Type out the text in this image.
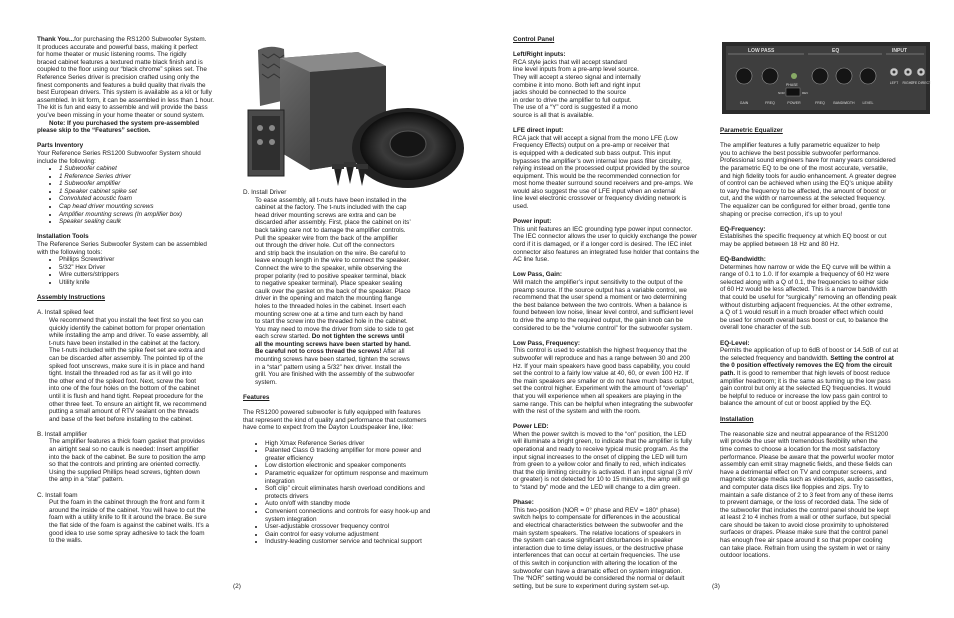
Thank You...for purchasing the RS1200 Subwoofer System.

It produces accurate and powerful bass, making it perfect

for home theater or music listening rooms. The rigidly

braced cabinet features a textured matte black finish and is

coupled to the floor using our “black chrome” spikes set. The

Reference Series driver is precision crafted using only the

finest components and features a build quality that rivals the

best European drivers. This system is available as a kit or fully

assembled. In kit form, it can be assembled in less than 1 hour.

The kit is fun and easy to assemble and will provide the bass

you’ve been missing in your home theater or sound system.

Note: If you purchased the system pre-assembled

please skip to the “Features” section.

Parts Inventory

Your Reference Series RS1200 Subwoofer System should

include the following:

• 1 Subwoofer cabinet
• 1 Reference Series driver
• 1 Subwoofer amplifier
• 1 Speaker cabinet spike set
• Convoluted acoustic foam
• Cap head driver mounting screws
• Amplifier mounting screws (In amplifier box)
• Speaker sealing caulk

Installation Tools

The Reference Series Subwoofer System can be assembled

with the following tools:

• Phillips Screwdriver
• 5/32” Hex Driver
• Wire cutters/strippers
• Utility knife

Assembly Instructions

A. Install spiked feet

We recommend that you install the feet first so you can

quickly identify the cabinet bottom for proper orientation

while installing the amp and driver. To ease assembly, all

t-nuts have been installed in the cabinet at the factory.

The t-nuts included with the spike feet set are extra and

can be discarded after assembly. The pointed tip of the

spiked foot unscrews, make sure it is in place and hand

tight. Install the threaded rod as far as it will go into

the other end of the spiked foot. Next, screw the foot

into one of the four holes on the bottom of the cabinet

until it is flush and hand tight. Repeat procedure for the

other three feet. To ensure an airtight fit, we recommend

putting a small amount of RTV sealant on the threads

and base of the feet before installing to the cabinet.

B. Install amplifier

The amplifier features a thick foam gasket that provides

an airtight seal so no caulk is needed: Insert amplifier

into the back of the cabinet. Be sure to position the amp

so that the controls and printing are oriented correctly.

Using the supplied Phillips head screws, tighten down

the amp in a “star” pattern.

C. Install foam

Put the foam in the cabinet through the front and form it

around the inside of the cabinet. You will have to cut the

foam with a utility knife to fit it around the brace. Be sure

the flat side of the foam is against the cabinet walls. It’s a

good idea to use some spray adhesive to tack the foam

to the walls.

(2)

D. Install Driver

To ease assembly, all t-nuts have been installed in the

cabinet at the factory. The t-nuts included with the cap

head driver mounting screws are extra and can be

discarded after assembly. First, place the cabinet on its’

back taking care not to damage the amplifier controls.

Pull the speaker wire from the back of the amplifier

out through the driver hole. Cut off the connectors

and strip back the insulation on the wire. Be careful to

leave enough length in the wire to connect the speaker.

Connect the wire to the speaker, while observing the

proper polarity (red to positive speaker terminal, black

to negative speaker terminal). Place speaker sealing

caulk over the gasket on the back of the speaker. Place

driver in the opening and match the mounting flange

holes to the threaded holes in the cabinet. Insert each

mounting screw one at a time and turn each by hand

to start the screw into the threaded hole in the cabinet.

You may need to move the driver from side to side to get

each screw started. Do not tighten the screws until

all the mounting screws have been started by hand.

Be careful not to cross thread the screws! After all

mounting screws have been started, tighten the screws

in a “star” pattern using a 5/32” hex driver. Install the

grill. You are finished with the assembly of the subwoofer

system.

Features

The RS1200 powered subwoofer is fully equipped with features

that represent the kind of quality and performance that customers

have come to expect from the Dayton Loudspeaker line, like:

• High Xmax Reference Series driver
• Patented Class G tracking amplifier for more power and greater efficiency
• Low distortion electronic and speaker components
• Parametric equalizer for optimum response and maximum integration
• Soft clip” circuit eliminates harsh overload conditions and protects drivers
• Auto on/off with standby mode
• Convenient connections and controls for easy hook-up and system integration
• User-adjustable crossover frequency control
• Gain control for easy volume adjustment
• Industry-leading customer service and technical support

Control Panel

Left/Right inputs:

RCA style jacks that will accept standard

line level inputs from a pre-amp level source.

They will accept a stereo signal and internally

combine it into mono. Both left and right input

jacks should be connected to the source

in order to drive the amplifier to full output.

The use of a “Y” cord is suggested if a mono

source is all that is available.

LFE direct input:

RCA jack that will accept a signal from the mono LFE (Low

Frequency Effects) output on a pre-amp or receiver that

is equipped with a dedicated sub bass output. This input

bypasses the amplifier’s own internal low pass filter circuitry,

relying instead on the processed output provided by the source

equipment. This would be the recommended connection for

most home theater surround sound receivers and pre-amps. We

would also suggest the use of LFE input when an external

line level electronic crossover or frequency dividing network is

used.

Power input:

This unit features an IEC grounding type power input connector.

The IEC connector allows the user to quickly exchange the power

cord if it is damaged, or if a longer cord is desired. The IEC inlet

connector also features an integrated fuse holder that contains the

AC line fuse.

Low Pass, Gain:

Will match the amplifier’s input sensitivity to the output of the

preamp source. If the source output has a variable control, we

recommend that the user spend a moment or two determining

the best balance between the two controls. When a balance is

found between low noise, linear level control, and sufficient level

to drive the amp to the required output, the gain knob can be

considered to be the “volume control” for the subwoofer system.

Low Pass, Frequency:

This control is used to establish the highest frequency that the

subwoofer will reproduce and has a range between 30 and 200

Hz. If your main speakers have good bass capability, you could

set the control to a fairly low value at 40, 60, or even 100 Hz. If

the main speakers are smaller or do not have much bass output,

set the control higher. Experiment with the amount of “overlap”

that you will experience when all speakers are playing in the

same range. This can be helpful when integrating the subwoofer

with the rest of the system and with the room.

Power LED:

When the power switch is moved to the “on” position, the LED

will illuminate a bright green, to indicate that the amplifier is fully

operational and ready to receive typical music program. As the

input signal increases to the onset of clipping the LED will turn

from green to a yellow color and finally to red, which indicates

that the clip limiting circuitry is activated. If an input signal (3 mV

or greater) is not detected for 10 to 15 minutes, the amp will go

to “stand by” mode and the LED will change to a dim green.

Phase:

This two-position (NOR = 0° phase and REV = 180° phase)

switch helps to compensate for differences in the acoustical

and electrical characteristics between the subwoofer and the

main system speakers. The relative locations of speakers in

the system can cause significant disturbances in speaker

interaction due to time delay issues, or the destructive phase

interferences that can occur at certain frequencies. The use

of this switch in conjunction with altering the location of the

subwoofer can have a dramatic effect on system integration.

The “NOR” setting would be considered the normal or default

setting, but be sure to experiment during system set-up.	(3)
LOW PASS	EQ	INPUT
PHASE
NOR	REV
GAIN	FREQ	POWER	FREQ BANDWIDTH LEVEL
LEFT RIGHT
LFE DIRECT

Parametric Equalizer

The amplifier features a fully parametric equalizer to help

you to achieve the best possible subwoofer performance.

Professional sound engineers have for many years considered

the parametric EQ to be one of the most accurate, versatile,

and high fidelity tools for audio enhancement. A greater degree

of control can be achieved when using the EQ’s unique ability

to vary the frequency to be affected, the amount of boost or

cut, and the width or narrowness at the selected frequency.

The equalizer can be configured for either broad, gentle tone

shaping or precise correction, it’s up to you!

EQ-Frequency:

Establishes the specific frequency at which EQ boost or cut

may be applied between 18 Hz and 80 Hz.

EQ-Bandwidth:

Determines how narrow or wide the EQ curve will be within a

range of 0.1 to 1.0. If for example a frequency of 60 Hz were

selected along with a Q of 0.1, the frequencies to either side

of 60 Hz would be less affected. This is a narrow bandwidth

that could be useful for “surgically” removing an offending peak

without disturbing adjacent frequencies. At the other extreme,

a Q of 1 would result in a much broader effect which could

be used for smooth overall bass boost or cut, to balance the

overall tone character of the sub.

EQ-Level:

Permits the application of up to 6dB of boost or 14.5dB of cut at

the selected frequency and bandwidth. Setting the control at

the 0 position effectively removes the EQ from the circuit

path. It is good to remember that high levels of boost reduce

amplifier headroom; it is the same as turning up the low pass

gain control but only at the selected EQ frequencies. It would

be helpful to reduce or increase the low pass gain control to

balance the amount of cut or boost applied by the EQ.

Installation

The reasonable size and neutral appearance of the RS1200

will provide the user with tremendous flexibility when the

time comes to choose a location for the most satisfactory

performance. Please be aware that the powerful woofer motor

assembly can emit stray magnetic fields, and these fields can

have a detrimental effect on TV and computer screens, and

magnetic storage media such as videotapes, audio cassettes,

and computer data discs like floppies and zips. Try to

maintain a safe distance of 2 to 3 feet from any of these items

to prevent damage, or the loss of recorded data. The side of

the subwoofer that includes the control panel should be kept

at least 2 to 4 inches from a wall or other surface, but special

care should be taken to avoid close proximity to upholstered

surfaces or drapes. Please make sure that the control panel

has enough free air space around it so that proper cooling

can take place. Refrain from using the system in wet or rainy

outdoor locations.
